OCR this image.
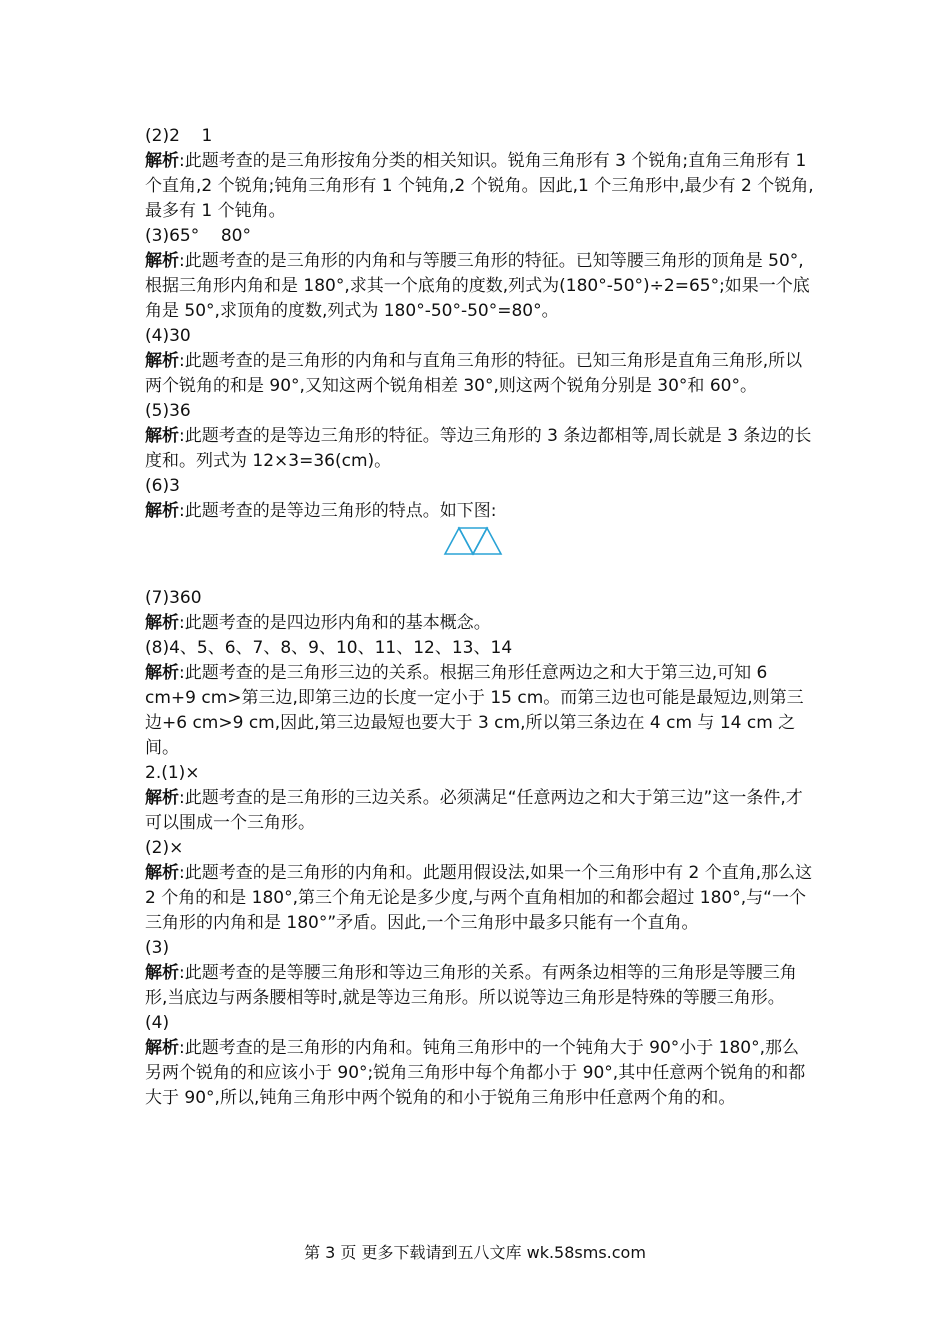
(2)2    1
解析:此题考查的是三角形按角分类的相关知识。锐角三角形有 3 个锐角;直角三角形有 1 个直角,2 个锐角;钝角三角形有 1 个钝角,2 个锐角。因此,1 个三角形中,最少有 2 个锐角,最多有 1 个钝角。
(3)65°    80°
解析:此题考查的是三角形的内角和与等腰三角形的特征。已知等腰三角形的顶角是 50°,根据三角形内角和是 180°,求其一个底角的度数,列式为(180°-50°)÷2=65°;如果一个底角是 50°,求顶角的度数,列式为 180°-50°-50°=80°。
(4)30
解析:此题考查的是三角形的内角和与直角三角形的特征。已知三角形是直角三角形,所以两个锐角的和是 90°,又知这两个锐角相差 30°,则这两个锐角分别是 30°和 60°。
(5)36
解析:此题考查的是等边三角形的特征。等边三角形的 3 条边都相等,周长就是 3 条边的长度和。列式为 12×3=36(cm)。
(6)3
解析:此题考查的是等边三角形的特点。如下图:
(7)360
解析:此题考查的是四边形内角和的基本概念。
(8)4、5、6、7、8、9、10、11、12、13、14
解析:此题考查的是三角形三边的关系。根据三角形任意两边之和大于第三边,可知 6 cm+9 cm>第三边,即第三边的长度一定小于 15 cm。而第三边也可能是最短边,则第三边+6 cm>9 cm,因此,第三边最短也要大于 3 cm,所以第三条边在 4 cm 与 14 cm 之间。
2.(1)×
解析:此题考查的是三角形的三边关系。必须满足“任意两边之和大于第三边”这一条件,才可以围成一个三角形。
(2)×
解析:此题考查的是三角形的内角和。此题用假设法,如果一个三角形中有 2 个直角,那么这 2 个角的和是 180°,第三个角无论是多少度,与两个直角相加的和都会超过 180°,与“一个三角形的内角和是 180°”矛盾。因此,一个三角形中最多只能有一个直角。
(3)
解析:此题考查的是等腰三角形和等边三角形的关系。有两条边相等的三角形是等腰三角形,当底边与两条腰相等时,就是等边三角形。所以说等边三角形是特殊的等腰三角形。
(4)
解析:此题考查的是三角形的内角和。钝角三角形中的一个钝角大于 90°小于 180°,那么另两个锐角的和应该小于 90°;锐角三角形中每个角都小于 90°,其中任意两个锐角的和都大于 90°,所以,钝角三角形中两个锐角的和小于锐角三角形中任意两个角的和。
第 3 页 更多下载请到五八文库 wk.58sms.com
